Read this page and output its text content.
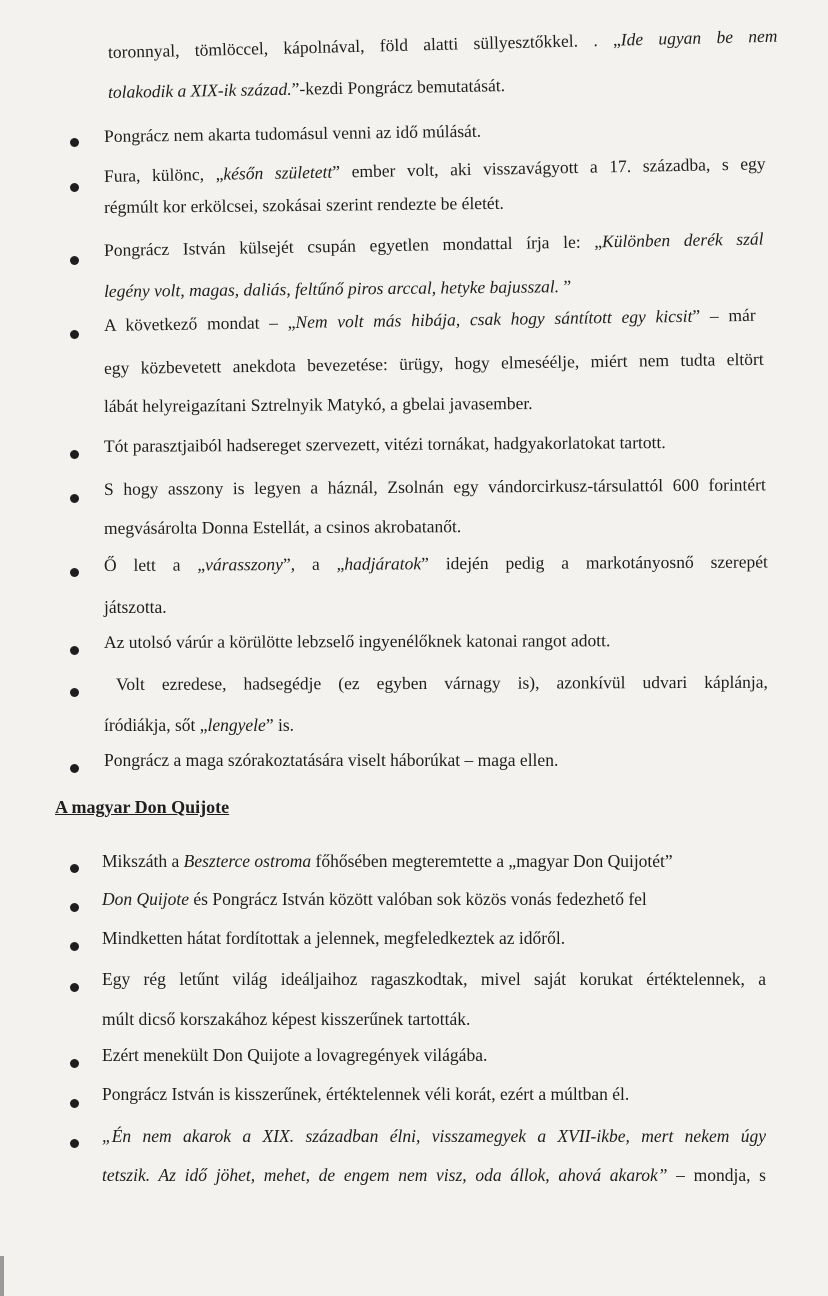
toronnyal, tömlöccel, kápolnával, föld alatti süllyesztőkkel. . „Ide ugyan be nem
tolakodik a XIX-ik század.”-kezdi Pongrácz bemutatását.
Pongrácz nem akarta tudomásul venni az idő múlását.
Fura, különc, „későn született” ember volt, aki visszavágyott a 17. századba, s egy
régmúlt kor erkölcsei, szokásai szerint rendezte be életét.
Pongrácz István külsejét csupán egyetlen mondattal írja le: „Különben derék szál
legény volt, magas, daliás, feltűnő piros arccal, hetyke bajusszal. ”
A következő mondat – „Nem volt más hibája, csak hogy sántított egy kicsit” – már
egy közbevetett anekdota bevezetése: ürügy, hogy elmeséélje, miért nem tudta eltört
lábát helyreigazítani Sztrelnyik Matykó, a gbelai javasember.
Tót parasztjaiból hadsereget szervezett, vitézi tornákat, hadgyakorlatokat tartott.
S hogy asszony is legyen a háznál, Zsolnán egy vándorcirkusz-társulattól 600 forintért
megvásárolta Donna Estellát, a csinos akrobatanőt.
Ő lett a „várasszony”, a „hadjáratok” idején pedig a markotányosnő szerepét
játszotta.
Az utolsó várúr a körülötte lebzselő ingyenélőknek katonai rangot adott.
Volt ezredese, hadsegédje (ez egyben várnagy is), azonkívül udvari káplánja,
íródiákja, sőt „lengyele” is.
Pongrácz a maga szórakoztatására viselt háborúkat – maga ellen.
A magyar Don Quijote
Mikszáth a Beszterce ostroma főhősében megteremtette a „magyar Don Quijotét”
Don Quijote és Pongrácz István között valóban sok közös vonás fedezhető fel
Mindketten hátat fordítottak a jelennek, megfeledkeztek az időről.
Egy rég letűnt világ ideáljaihoz ragaszkodtak, mivel saját korukat értéktelennek, a
múlt dicső korszakához képest kisszerűnek tartották.
Ezért menekült Don Quijote a lovagregények világába.
Pongrácz István is kisszerűnek, értéktelennek véli korát, ezért a múltban él.
„Én nem akarok a XIX. században élni, visszamegyek a XVII-ikbe, mert nekem úgy
tetszik. Az idő jöhet, mehet, de engem nem visz, oda állok, ahová akarok” – mondja, s
